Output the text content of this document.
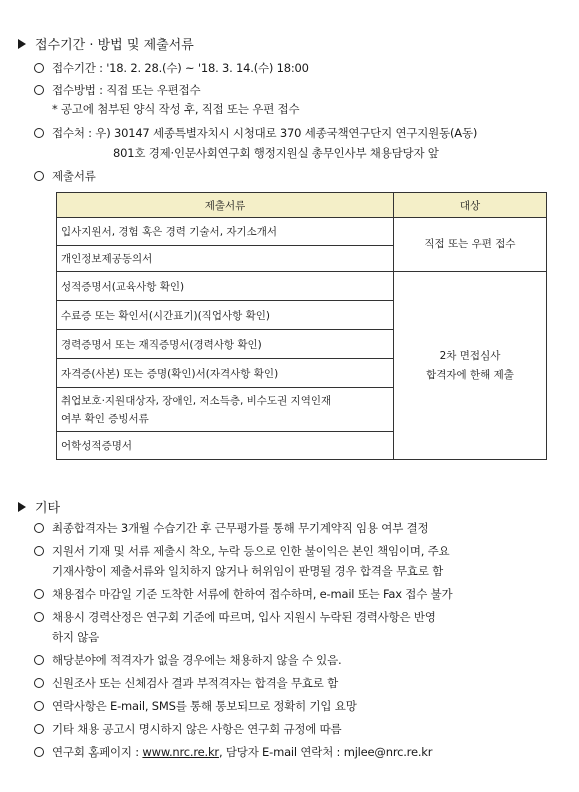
접수기간 · 방법 및 제출서류
접수기간 : '18. 2. 28.(수) ~ '18. 3. 14.(수) 18:00
접수방법 : 직접 또는 우편접수
* 공고에 첨부된 양식 작성 후, 직접 또는 우편 접수
접수처 : 우) 30147 세종특별자치시 시청대로 370 세종국책연구단지 연구지원동(A동)
801호 경제·인문사회연구회 행정지원실 총무인사부 채용담당자 앞
제출서류
제출서류	대상
입사지원서, 경험 혹은 경력 기술서, 자기소개서	직접 또는 우편 접수
개인정보제공동의서	
성적증명서(교육사항 확인)	2차 면접심사
합격자에 한해 제출

수료증 또는 확인서(시간표기)(직업사항 확인)	
경력증명서 또는 재직증명서(경력사항 확인)	
자격증(사본) 또는 증명(확인)서(자격사항 확인)	

취업보호·지원대상자, 장애인, 저소득층, 비수도권 지역인재
여부 확인 증빙서류	

어학성적증명서	
기타
최종합격자는 3개월 수습기간 후 근무평가를 통해 무기계약직 임용 여부 결정
지원서 기재 및 서류 제출시 착오, 누락 등으로 인한 불이익은 본인 책임이며, 주요
기재사항이 제출서류와 일치하지 않거나 허위임이 판명될 경우 합격을 무효로 함
채용접수 마감일 기준 도착한 서류에 한하여 접수하며, e-mail 또는 Fax 접수 불가
채용시 경력산정은 연구회 기준에 따르며, 입사 지원시 누락된 경력사항은 반영
하지 않음
해당분야에 적격자가 없을 경우에는 채용하지 않을 수 있음.
신원조사 또는 신체검사 결과 부적격자는 합격을 무효로 함
연락사항은 E-mail, SMS를 통해 통보되므로 정확히 기입 요망
기타 채용 공고시 명시하지 않은 사항은 연구회 규정에 따름
연구회 홈페이지 : www.nrc.re.kr, 담당자 E-mail 연락처 : mjlee@nrc.re.kr
